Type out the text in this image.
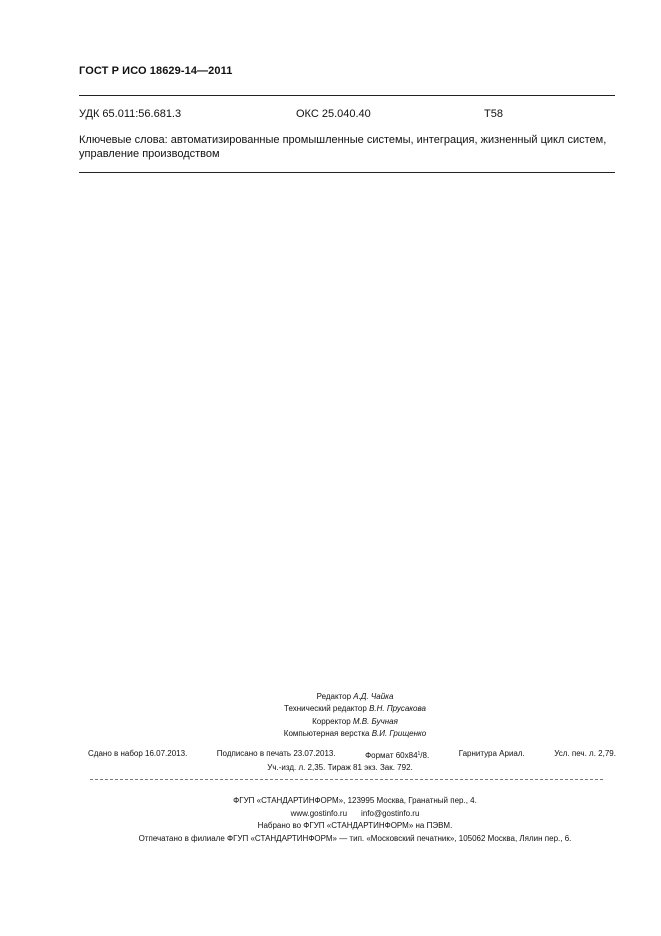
ГОСТ Р ИСО 18629-14—2011
УДК 65.011:56.681.3	ОКС 25.040.40	Т58
Ключевые слова: автоматизированные промышленные системы, интеграция, жизненный цикл систем, управление производством
Редактор А.Д. Чайка
Технический редактор В.Н. Прусакова
Корректор М.В. Бучная
Компьютерная верстка В.И. Грищенко
Сдано в набор 16.07.2013.	Подписано в печать 23.07.2013.	Формат $60x84^1/8$.	Гарнитура Ариал.	Усл. печ. л. 2,79.
Уч.-изд. л. 2,35. Тираж 81 экз. Зак. 792.
ФГУП «СТАНДАРТИНФОРМ», 123995 Москва, Гранатный пер., 4.
www.gostinfo.ru info@gostinfo.ru
Набрано во ФГУП «СТАНДАРТИНФОРМ» на ПЭВМ.
Отпечатано в филиале ФГУП «СТАНДАРТИНФОРМ» — тип. «Московский печатник», 105062 Москва, Лялин пер., 6.
